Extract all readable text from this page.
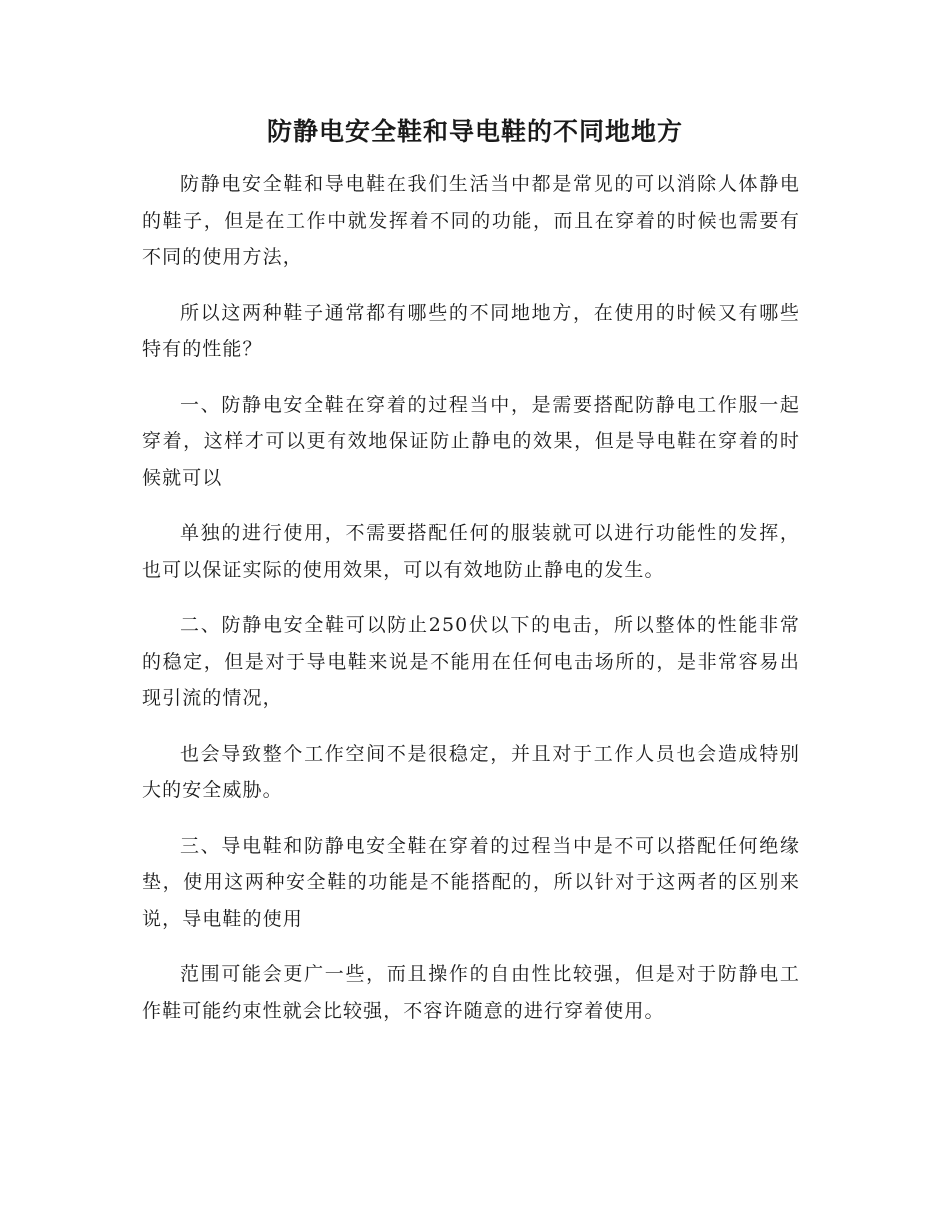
防静电安全鞋和导电鞋的不同地地方

防静电安全鞋和导电鞋在我们生活当中都是常见的可以消除人体静电的鞋子，但是在工作中就发挥着不同的功能，而且在穿着的时候也需要有不同的使用方法，

所以这两种鞋子通常都有哪些的不同地地方，在使用的时候又有哪些特有的性能？

一、防静电安全鞋在穿着的过程当中，是需要搭配防静电工作服一起穿着，这样才可以更有效地保证防止静电的效果，但是导电鞋在穿着的时候就可以

单独的进行使用，不需要搭配任何的服装就可以进行功能性的发挥，也可以保证实际的使用效果，可以有效地防止静电的发生。

二、防静电安全鞋可以防止250伏以下的电击，所以整体的性能非常的稳定，但是对于导电鞋来说是不能用在任何电击场所的，是非常容易出现引流的情况，

也会导致整个工作空间不是很稳定，并且对于工作人员也会造成特别大的安全威胁。

三、导电鞋和防静电安全鞋在穿着的过程当中是不可以搭配任何绝缘垫，使用这两种安全鞋的功能是不能搭配的，所以针对于这两者的区别来说，导电鞋的使用

范围可能会更广一些，而且操作的自由性比较强，但是对于防静电工作鞋可能约束性就会比较强，不容许随意的进行穿着使用。
